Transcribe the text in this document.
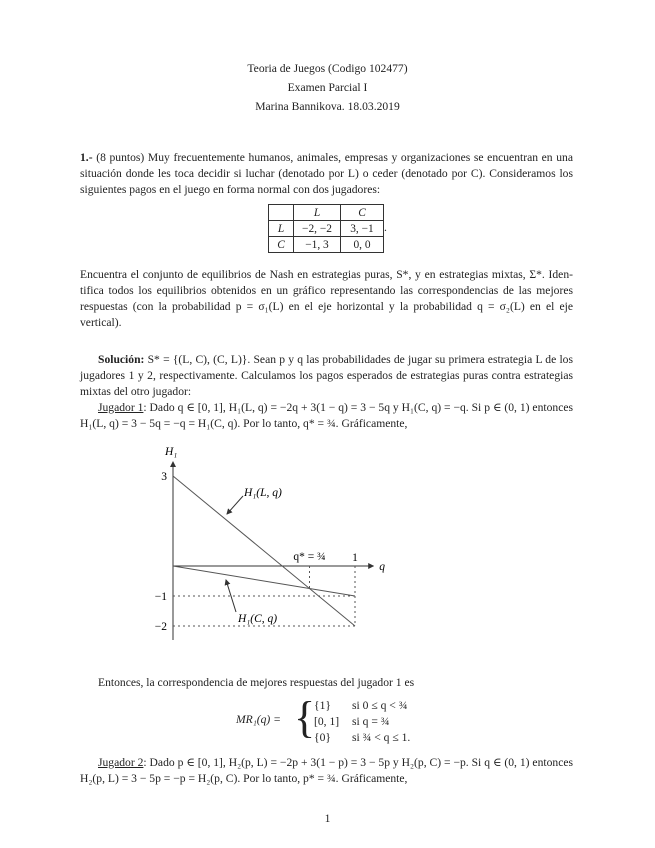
Teoria de Juegos (Codigo 102477)
Examen Parcial I
Marina Bannikova. 18.03.2019
1.- (8 puntos) Muy frecuentemente humanos, animales, empresas y organizaciones se encuentran en una
situación donde les toca decidir si luchar (denotado por L) o ceder (denotado por C). Consideramos los
siguientes pagos en el juego en forma normal con dos jugadores:
	L	C
L	−2, −2	3, −1
C	−1, 3	0, 0
.
Encuentra el conjunto de equilibrios de Nash en estrategias puras, S*, y en estrategias mixtas, Σ*. Iden-
tifica todos los equilibrios obtenidos en un gráfico representando las correspondencias de las mejores
respuestas (con la probabilidad p = σ₁(L) en el eje horizontal y la probabilidad q = σ₂(L) en el eje
vertical).
Solución: S* = {(L, C), (C, L)}. Sean p y q las probabilidades de jugar su primera estrategia L de los
jugadores 1 y 2, respectivamente. Calculamos los pagos esperados de estrategias puras contra estrategias
mixtas del otro jugador:
Jugador 1: Dado q ∈ [0, 1], H₁(L, q) = −2q + 3(1 − q) = 3 − 5q y H₁(C, q) = −q. Si p ∈ (0, 1) entonces
H₁(L, q) = 3 − 5q = −q = H₁(C, q). Por lo tanto, q* = ¾. Gráficamente,
H₁
q
3
−1
−2
q* = ¾ 1
H₁(L, q)
H₁(C, q)
Entonces, la correspondencia de mejores respuestas del jugador 1 es
MR₁(q) = {
{1} si 0 ≤ q < ¾
[0, 1] si q = ¾
{0} si ¾ < q ≤ 1.
Jugador 2: Dado p ∈ [0, 1], H₂(p, L) = −2p + 3(1 − p) = 3 − 5p y H₂(p, C) = −p. Si q ∈ (0, 1) entonces
H₂(p, L) = 3 − 5p = −p = H₂(p, C). Por lo tanto, p* = ¾. Gráficamente,
1
